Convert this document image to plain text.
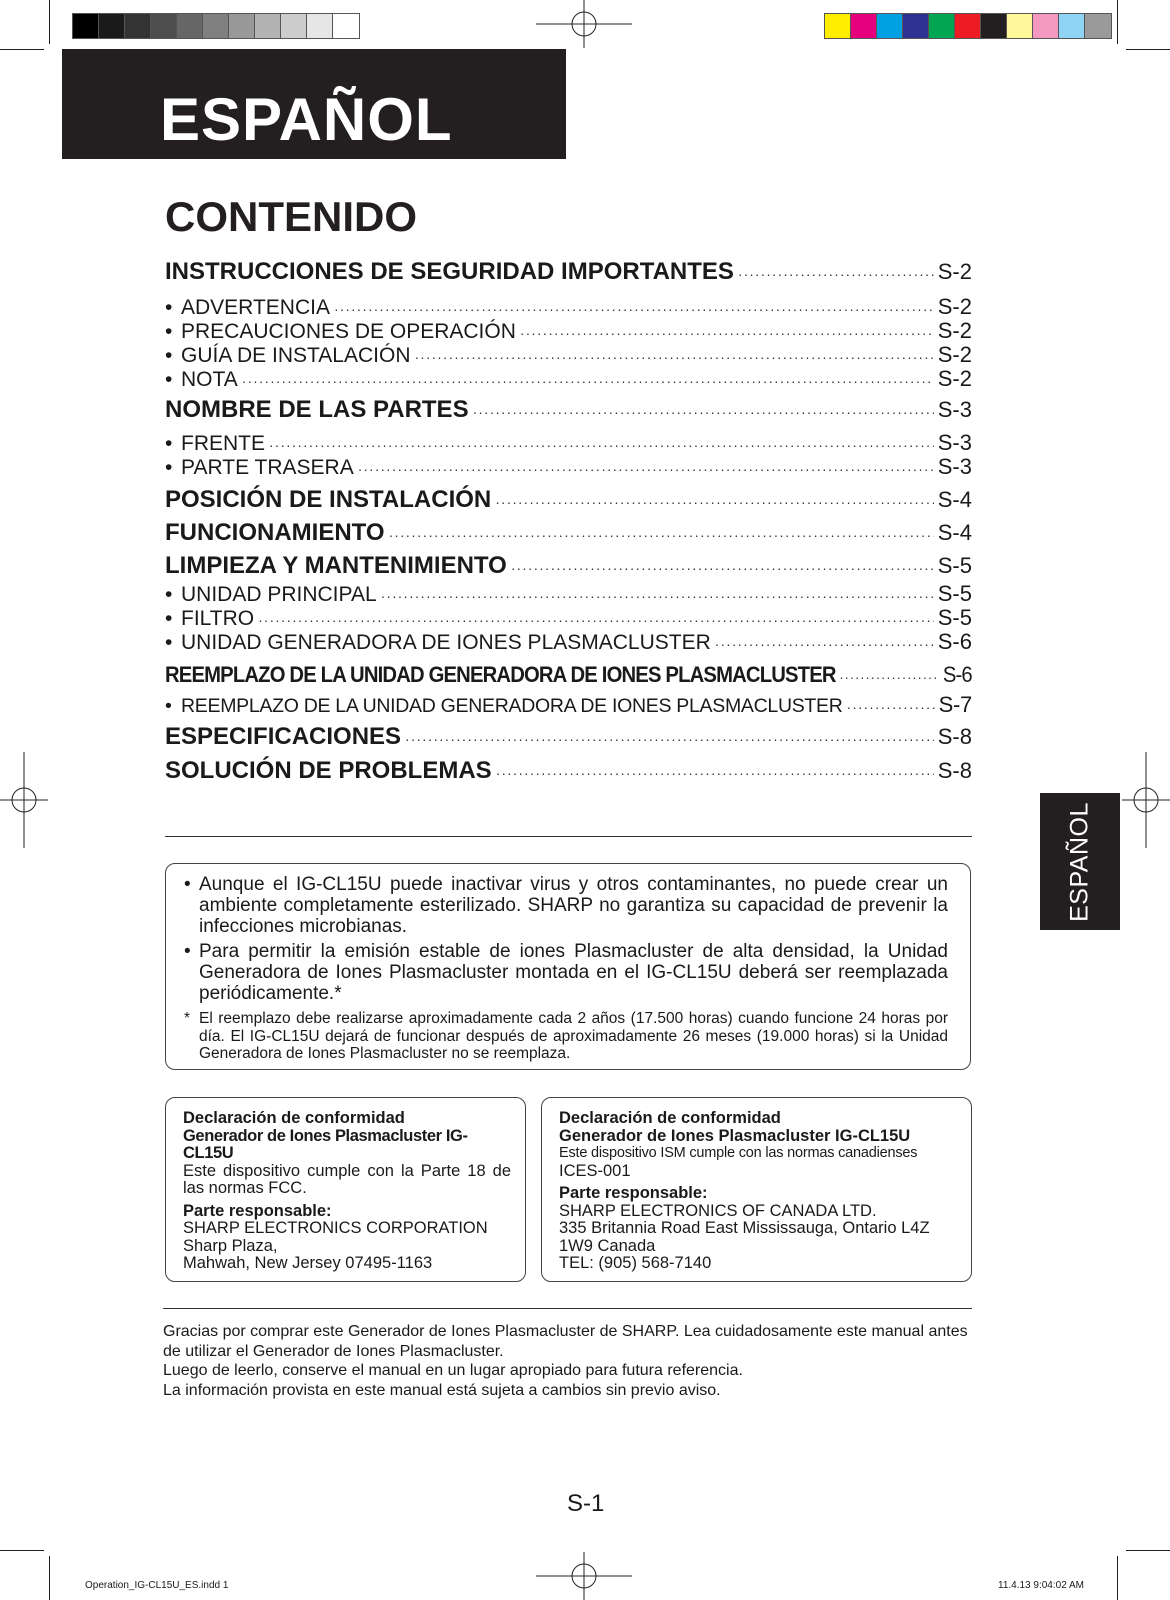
ESPAÑOL
CONTENIDO
INSTRUCCIONES DE SEGURIDAD IMPORTANTES ·····	S-2
• ADVERTENCIA ·····	S-2
• PRECAUCIONES DE OPERACIÓN ·····	S-2
• GUÍA DE INSTALACIÓN ·····	S-2
• NOTA ·····	S-2
NOMBRE DE LAS PARTES ·····	S-3
• FRENTE ·····	S-3
• PARTE TRASERA ·····	S-3
POSICIÓN DE INSTALACIÓN ·····	S-4
FUNCIONAMIENTO ·····	S-4
LIMPIEZA Y MANTENIMIENTO ·····	S-5
• UNIDAD PRINCIPAL ·····	S-5
• FILTRO ·····	S-5
• UNIDAD GENERADORA DE IONES PLASMACLUSTER ·····	S-6
REEMPLAZO DE LA UNIDAD GENERADORA DE IONES PLASMACLUSTER ·····	S-6
• REEMPLAZO DE LA UNIDAD GENERADORA DE IONES PLASMACLUSTER ·····	S-7
ESPECIFICACIONES ·····	S-8
SOLUCIÓN DE PROBLEMAS ·····	S-8
ESPAÑOL
• Aunque el IG-CL15U puede inactivar virus y otros contaminantes, no puede crear un ambiente completamente esterilizado. SHARP no garantiza su capacidad de prevenir la infecciones microbianas.
• Para permitir la emisión estable de iones Plasmacluster de alta densidad, la Unidad Generadora de Iones Plasmacluster montada en el IG-CL15U deberá ser reemplazada periódicamente.*
* El reemplazo debe realizarse aproximadamente cada 2 años (17.500 horas) cuando funcione 24 horas por día. El IG-CL15U dejará de funcionar después de aproximadamente 26 meses (19.000 horas) si la Unidad Generadora de Iones Plasmacluster no se reemplaza.
Declaración de conformidad
Generador de Iones Plasmacluster IG-CL15U
Este dispositivo cumple con la Parte 18 de las normas FCC.
Parte responsable:
SHARP ELECTRONICS CORPORATION
Sharp Plaza,
Mahwah, New Jersey 07495-1163
Declaración de conformidad
Generador de Iones Plasmacluster IG-CL15U
Este dispositivo ISM cumple con las normas canadienses
ICES-001
Parte responsable:
SHARP ELECTRONICS OF CANADA LTD.
335 Britannia Road East Mississauga, Ontario L4Z
1W9 Canada
TEL: (905) 568-7140
Gracias por comprar este Generador de Iones Plasmacluster de SHARP. Lea cuidadosamente este manual antes de utilizar el Generador de Iones Plasmacluster.
Luego de leerlo, conserve el manual en un lugar apropiado para futura referencia.
La información provista en este manual está sujeta a cambios sin previo aviso.
S-1
Operation_IG-CL15U_ES.indd 1	11.4.13 9:04:02 AM
